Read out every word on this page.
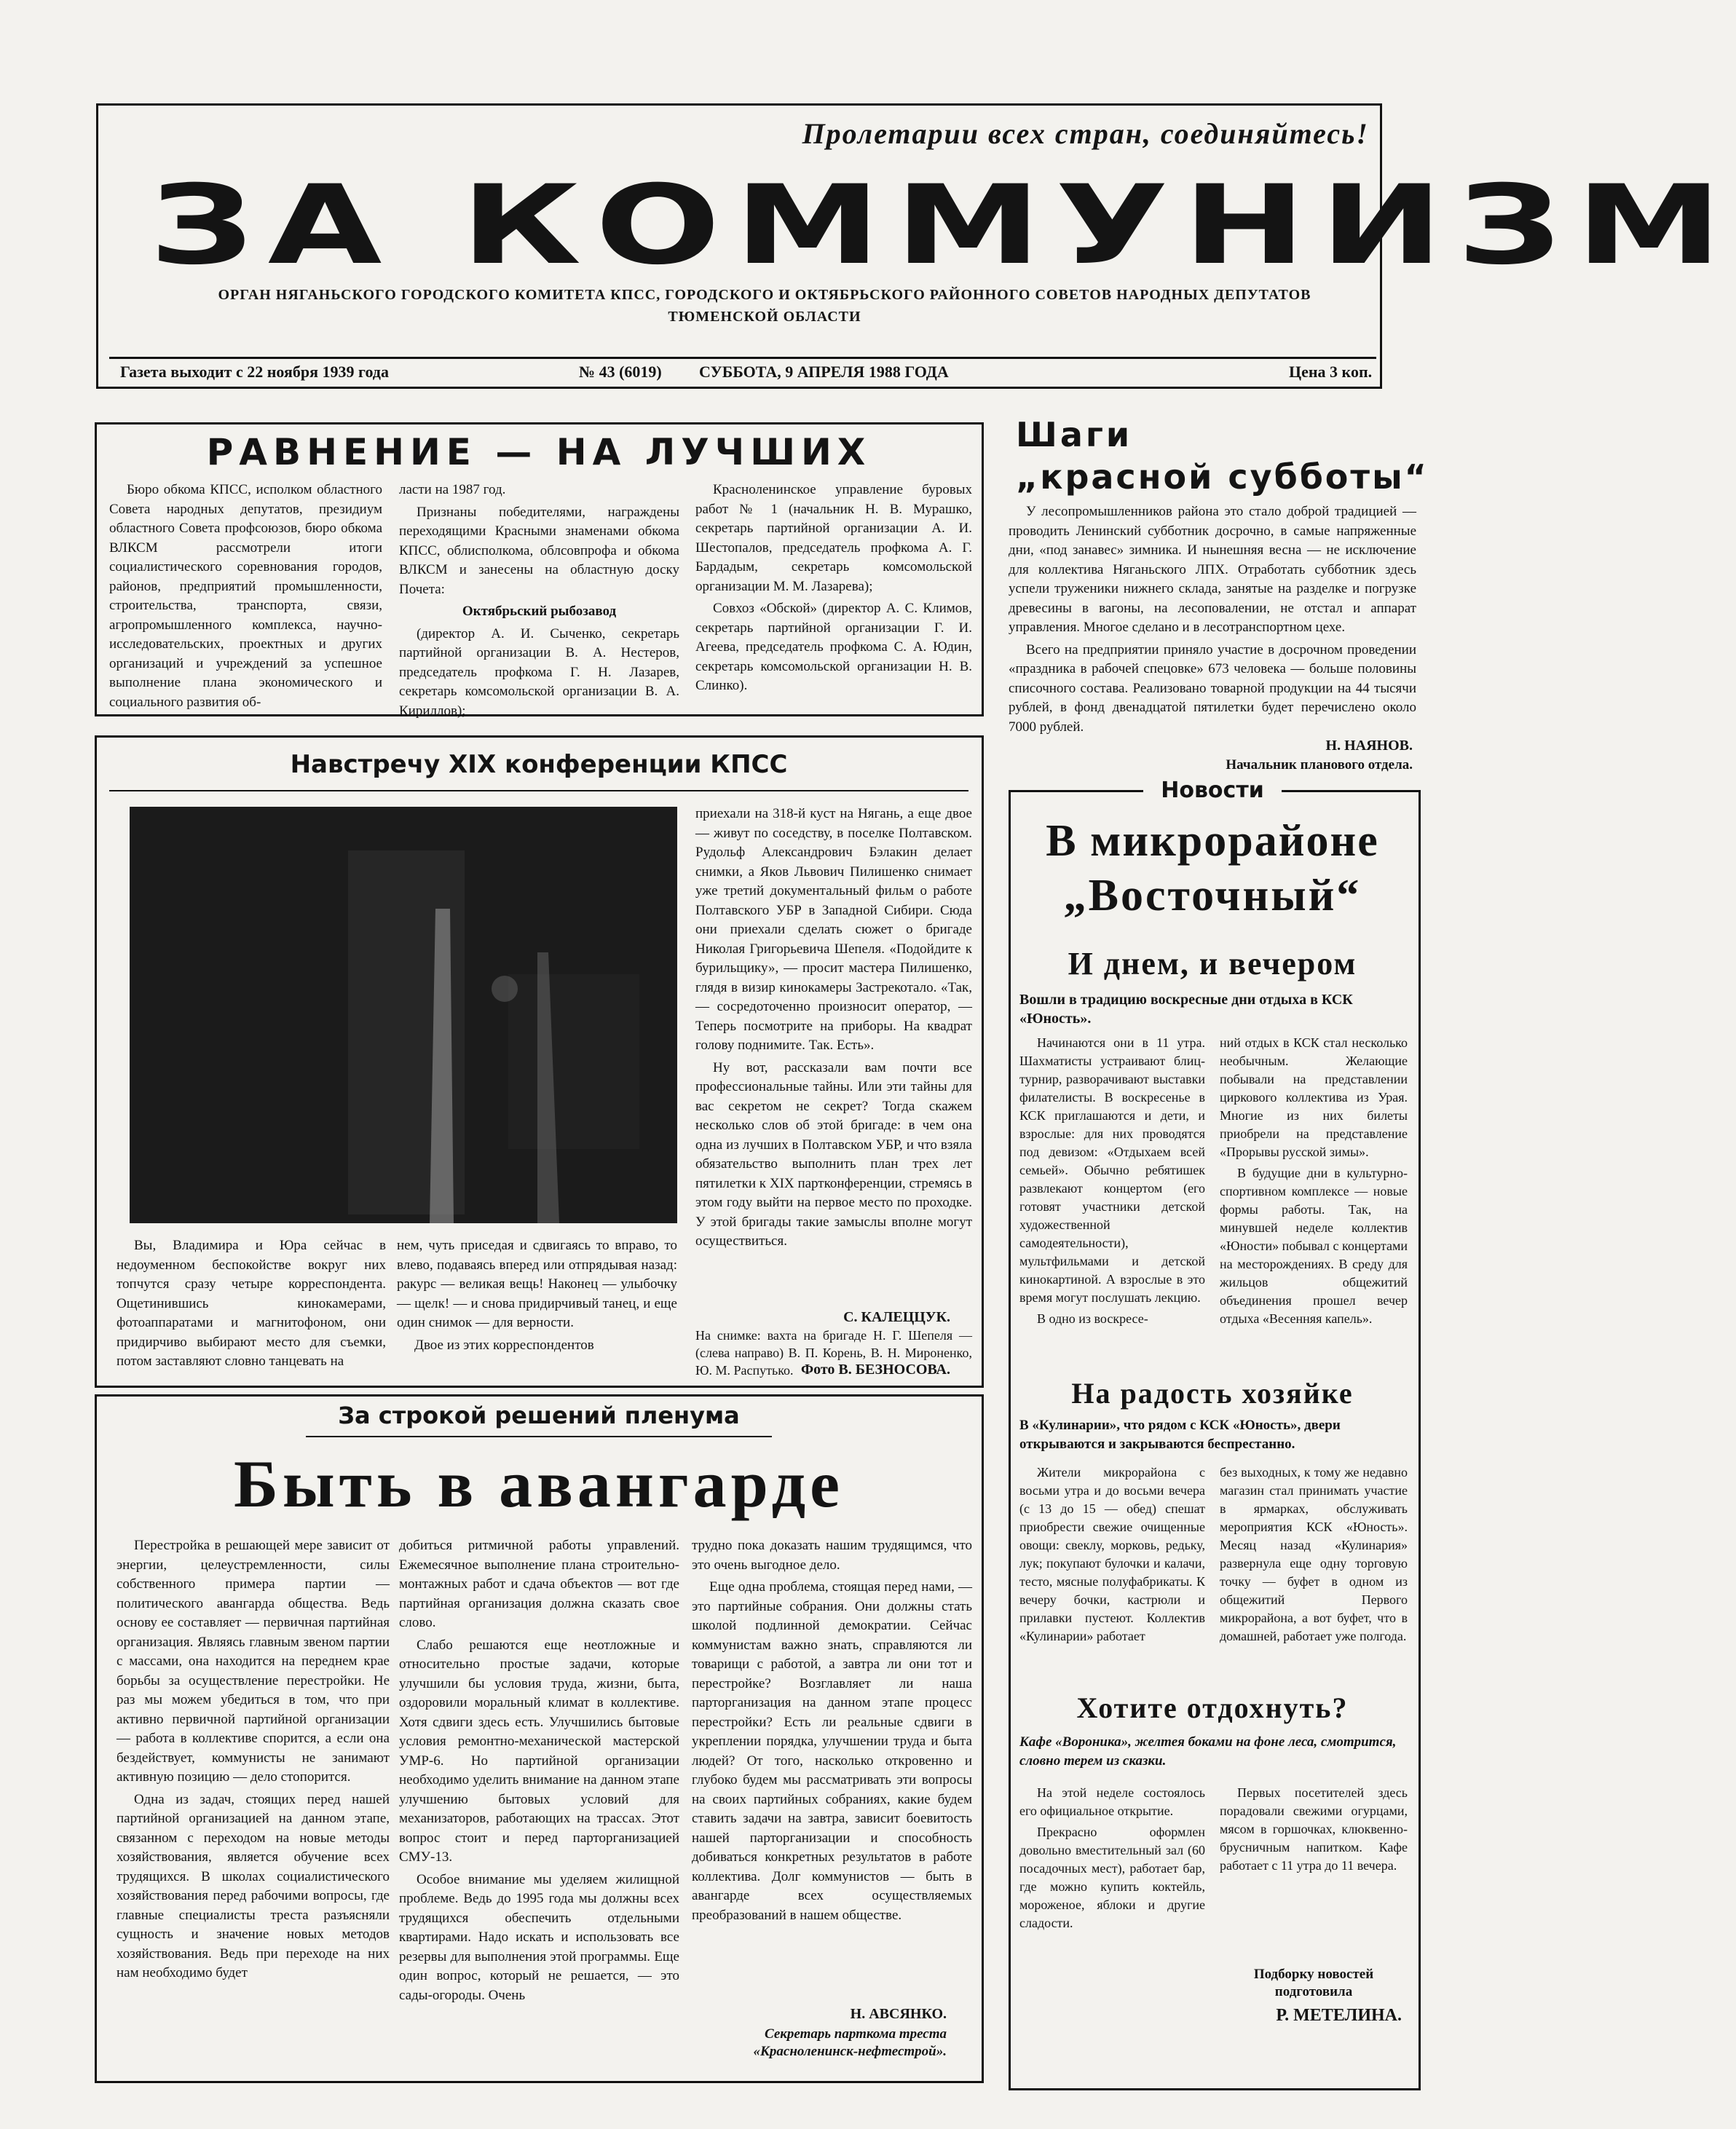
Пролетарии всех стран, соединяйтесь!
ЗА КОММУНИЗМ
ОРГАН НЯГАНЬСКОГО ГОРОДСКОГО КОМИТЕТА КПСС, ГОРОДСКОГО И ОКТЯБРЬСКОГО РАЙОННОГО СОВЕТОВ НАРОДНЫХ ДЕПУТАТОВ
ТЮМЕНСКОЙ ОБЛАСТИ
Газета выходит с 22 ноября 1939 года	№ 43 (6019) СУББОТА, 9 АПРЕЛЯ 1988 ГОДА	Цена 3 коп.
РАВНЕНИЕ — НА ЛУЧШИХ

Бюро обкома КПСС, исполком областного Совета народных депутатов, президиум областного Совета профсоюзов, бюро обкома ВЛКСМ рассмотрели итоги социалистического соревнования городов, районов, предприятий промышленности, строительства, транспорта, связи, агропромышленного комплекса, научно-исследовательских, проектных и других организаций и учреждений за успешное выполнение плана экономического и социального развития об-

ласти на 1987 год.

Признаны победителями, награждены переходящими Красными знаменами обкома КПСС, облисполкома, облсовпрофа и обкома ВЛКСМ и занесены на областную доску Почета:

Октябрьский рыбозавод

(директор А. И. Сыченко, секретарь партийной организации В. А. Нестеров, председатель профкома Г. Н. Лазарев, секретарь комсомольской организации В. А. Кириллов);

Красноленинское управление буровых работ № 1 (начальник Н. В. Мурашко, секретарь партийной организации А. И. Шестопалов, председатель профкома А. Г. Бардадым, секретарь комсомольской организации М. М. Лазарева);

Совхоз «Обской» (директор А. С. Климов, секретарь партийной организации Г. И. Агеева, председатель профкома С. А. Юдин, секретарь комсомольской организации Н. В. Слинко).

Шаги
„красной субботы“

У лесопромышленников района это стало доброй традицией — проводить Ленинский субботник досрочно, в самые напряженные дни, «под занавес» зимника. И нынешняя весна — не исключение для коллектива Няганьского ЛПХ. Отработать субботник здесь успели труженики нижнего склада, занятые на разделке и погрузке древесины в вагоны, на лесоповалении, не отстал и аппарат управления. Многое сделано и в лесотранспортном цехе.

Всего на предприятии приняло участие в досрочном проведении «праздника в рабочей спецовке» 673 человека — больше половины списочного состава. Реализовано товарной продукции на 44 тысячи рублей, в фонд двенадцатой пятилетки будет перечислено около 7000 рублей.

Н. НАЯНОВ.
Начальник планового отдела.
Навстречу XIX конференции КПСС

приехали на 318-й куст на Нягань, а еще двое — живут по соседству, в поселке Полтавском. Рудольф Александрович Бэлакин делает снимки, а Яков Львович Пилишенко снимает уже третий документальный фильм о работе Полтавского УБР в Западной Сибири. Сюда они приехали сделать сюжет о бригаде Николая Григорьевича Шепеля. «Подойдите к бурильщику», — просит мастера Пилишенко, глядя в визир кинокамеры Застрекотало. «Так, — сосредоточенно произносит оператор, — Теперь посмотрите на приборы. На квадрат голову поднимите. Так. Есть».

Ну вот, рассказали вам почти все профессиональные тайны. Или эти тайны для вас секретом не секрет? Тогда скажем несколько слов об этой бригаде: в чем она одна из лучших в Полтавском УБР, и что взяла обязательство выполнить план трех лет пятилетки к XIX партконференции, стремясь в этом году выйти на первое место по проходке. У этой бригады такие замыслы вполне могут осуществиться.

С. КАЛЕЦЦУК.

На снимке: вахта на бригаде Н. Г. Шепеля — (слева направо) В. П. Корень, В. Н. Мироненко, Ю. М. Распутько. Фото В. БЕЗНОСОВА.

Вы, Владимира и Юра сейчас в недоуменном беспокойстве вокруг них топчутся сразу четыре корреспондента. Ощетинившись кинокамерами, фотоаппаратами и магнитофоном, они придирчиво выбирают место для съемки, потом заставляют словно танцевать на

нем, чуть приседая и сдвигаясь то вправо, то влево, подаваясь вперед или отпрядывая назад: ракурс — великая вещь! Наконец — улыбочку — щелк! — и снова придирчивый танец, и еще один снимок — для верности.

Двое из этих корреспондентов

За строкой решений пленума
Быть в авангарде

Перестройка в решающей мере зависит от энергии, целеустремленности, силы собственного примера партии — политического авангарда общества. Ведь основу ее составляет — первичная партийная организация. Являясь главным звеном партии с массами, она находится на переднем крае борьбы за осуществление перестройки. Не раз мы можем убедиться в том, что при активно первичной партийной организации — работа в коллективе спорится, а если она бездействует, коммунисты не занимают активную позицию — дело стопорится.

Одна из задач, стоящих перед нашей партийной организацией на данном этапе, связанном с переходом на новые методы хозяйствования, является обучение всех трудящихся. В школах социалистического хозяйствования перед рабочими вопросы, где главные специалисты треста разъясняли сущность и значение новых методов хозяйствования. Ведь при переходе на них нам необходимо будет

добиться ритмичной работы управлений. Ежемесячное выполнение плана строительно-монтажных работ и сдача объектов — вот где партийная организация должна сказать свое слово.

Слабо решаются еще неотложные и относительно простые задачи, которые улучшили бы условия труда, жизни, быта, оздоровили моральный климат в коллективе. Хотя сдвиги здесь есть. Улучшились бытовые условия ремонтно-механической мастерской УМР-6. Но партийной организации необходимо уделить внимание на данном этапе улучшению бытовых условий для механизаторов, работающих на трассах. Этот вопрос стоит и перед парторганизацией СМУ-13.

Особое внимание мы уделяем жилищной проблеме. Ведь до 1995 года мы должны всех трудящихся обеспечить отдельными квартирами. Надо искать и использовать все резервы для выполнения этой программы. Еще один вопрос, который не решается, — это сады-огороды. Очень

трудно пока доказать нашим трудящимся, что это очень выгодное дело.

Еще одна проблема, стоящая перед нами, — это партийные собрания. Они должны стать школой подлинной демократии. Сейчас коммунистам важно знать, справляются ли товарищи с работой, а завтра ли они тот и перестройке? Возглавляет ли наша парторганизация на данном этапе процесс перестройки? Есть ли реальные сдвиги в укреплении порядка, улучшении труда и быта людей? От того, насколько откровенно и глубоко будем мы рассматривать эти вопросы на своих партийных собраниях, какие будем ставить задачи на завтра, зависит боевитость нашей парторганизации и способность добиваться конкретных результатов в работе коллектива. Долг коммунистов — быть в авангарде всех осуществляемых преобразований в нашем обществе.

Н. АВСЯНКО.
Секретарь парткома треста «Красноленинск-нефтестрой».
Новости
В микрорайоне
„Восточный“
И днем, и вечером
Вошли в традицию воскресные дни отдыха в КСК «Юность».

Начинаются они в 11 утра. Шахматисты устраивают блиц-турнир, разворачивают выставки филателисты. В воскресенье в КСК приглашаются и дети, и взрослые: для них проводятся под девизом: «Отдыхаем всей семьей». Обычно ребятишек развлекают концертом (его готовят участники детской художественной самодеятельности), мультфильмами и детской кинокартиной. А взрослые в это время могут послушать лекцию.

В одно из воскресе-

ний отдых в КСК стал несколько необычным. Желающие побывали на представлении циркового коллектива из Урая. Многие из них билеты приобрели на представление «Прорывы русской зимы».

В будущие дни в культурно-спортивном комплексе — новые формы работы. Так, на минувшей неделе коллектив «Юности» побывал с концертами на месторождениях. В среду для жильцов общежитий объединения прошел вечер отдыха «Весенняя капель».

На радость хозяйке
В «Кулинарии», что рядом с КСК «Юность», двери открываются и закрываются беспрестанно.

Жители микрорайона с восьми утра и до восьми вечера (с 13 до 15 — обед) спешат приобрести свежие очищенные овощи: свеклу, морковь, редьку, лук; покупают булочки и калачи, тесто, мясные полуфабрикаты. К вечеру бочки, кастрюли и прилавки пустеют. Коллектив «Кулинарии» работает

без выходных, к тому же недавно магазин стал принимать участие в ярмарках, обслуживать мероприятия КСК «Юность». Месяц назад «Кулинария» развернула еще одну торговую точку — буфет в одном из общежитий Первого микрорайона, а вот буфет, что в домашней, работает уже полгода.

Хотите отдохнуть?
Кафе «Вороника», желтея боками на фоне леса, смотрится, словно терем из сказки.

На этой неделе состоялось его официальное открытие.

Прекрасно оформлен довольно вместительный зал (60 посадочных мест), работает бар, где можно купить коктейль, мороженое, яблоки и другие сладости.

Первых посетителей здесь порадовали свежими огурцами, мясом в горшочках, клюквенно-брусничным напитком. Кафе работает с 11 утра до 11 вечера.

Подборку новостей подготовила
Р. МЕТЕЛИНА.
